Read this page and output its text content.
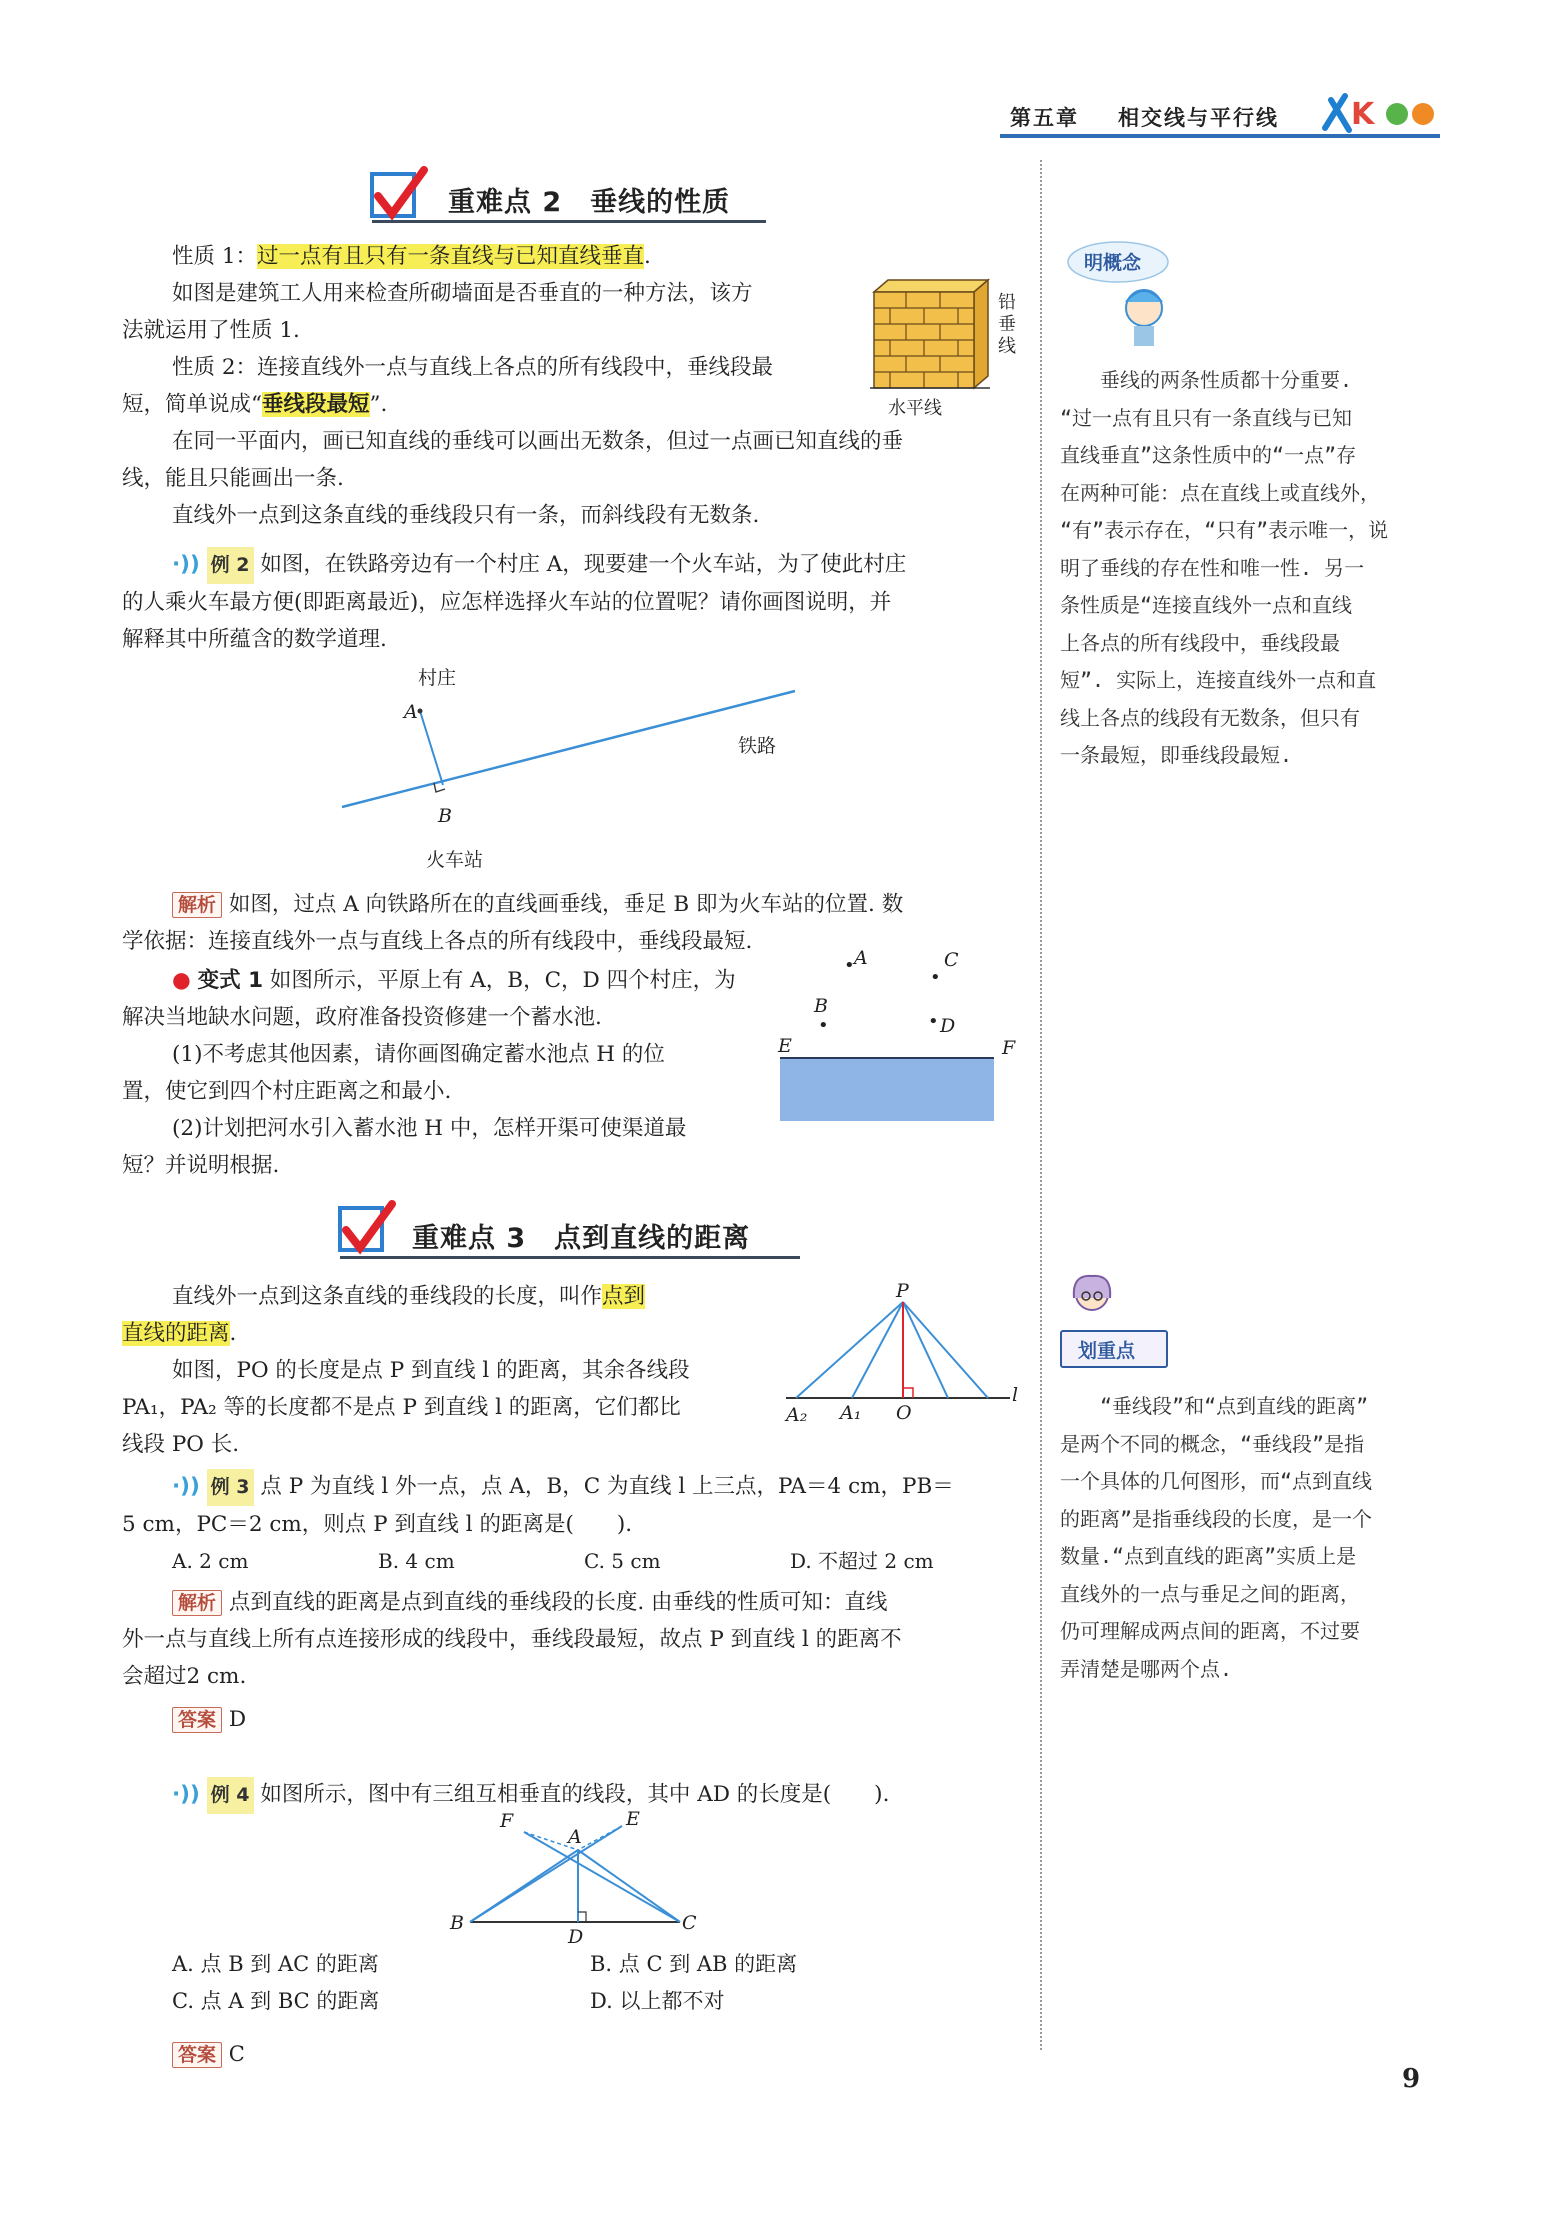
第五章 相交线与平行线 K
重难点 2　垂线的性质

性质 1：过一点有且只有一条直线与已知直线垂直.

如图是建筑工人用来检查所砌墙面是否垂直的一种方法，该方

法就运用了性质 1.

性质 2：连接直线外一点与直线上各点的所有线段中，垂线段最

短，简单说成“垂线段最短”.

在同一平面内，画已知直线的垂线可以画出无数条，但过一点画已知直线的垂

线，能且只能画出一条.

直线外一点到这条直线的垂线段只有一条，而斜线段有无数条.

铅垂线
水平线

·)) 例 2 如图，在铁路旁边有一个村庄 A，现要建一个火车站，为了使此村庄

的人乘火车最方便(即距离最近)，应怎样选择火车站的位置呢？请你画图说明，并

解释其中所蕴含的数学道理.

村庄
A
铁路
B
火车站

解析 如图，过点 A 向铁路所在的直线画垂线，垂足 B 即为火车站的位置. 数

学依据：连接直线外一点与直线上各点的所有线段中，垂线段最短.

● 变式 1 如图所示，平原上有 A，B，C，D 四个村庄，为

解决当地缺水问题，政府准备投资修建一个蓄水池.

(1)不考虑其他因素，请你画图确定蓄水池点 H 的位

置，使它到四个村庄距离之和最小.

(2)计划把河水引入蓄水池 H 中，怎样开渠可使渠道最

短？并说明根据.

• A
•
C
B
•	• D
E	F
重难点 3　点到直线的距离

直线外一点到这条直线的垂线段的长度，叫作点到

直线的距离.

如图，PO 的长度是点 P 到直线 l 的距离，其余各线段

PA₁，PA₂ 等的长度都不是点 P 到直线 l 的距离，它们都比

线段 PO 长.

P
A₂ A₁ O
l

·)) 例 3 点 P 为直线 l 外一点，点 A，B，C 为直线 l 上三点，PA＝4 cm，PB＝

5 cm，PC＝2 cm，则点 P 到直线 l 的距离是(　　).

A. 2 cm	B. 4 cm	C. 5 cm	D. 不超过 2 cm

解析 点到直线的距离是点到直线的垂线段的长度. 由垂线的性质可知：直线

外一点与直线上所有点连接形成的线段中，垂线段最短，故点 P 到直线 l 的距离不

会超过2 cm.

答案 D

·)) 例 4 如图所示，图中有三组互相垂直的线段，其中 AD 的长度是(　　).

F
A
E
B
D
C
A. 点 B 到 AC 的距离	B. 点 C 到 AB 的距离
C. 点 A 到 BC 的距离	D. 以上都不对
答案 C
明概念

　　垂线的两条性质都十分重要.

“过一点有且只有一条直线与已知

直线垂直”这条性质中的“一点”存

在两种可能：点在直线上或直线外，

“有”表示存在，“只有”表示唯一，说

明了垂线的存在性和唯一性. 另一

条性质是“连接直线外一点和直线

上各点的所有线段中，垂线段最

短”. 实际上，连接直线外一点和直

线上各点的线段有无数条，但只有

一条最短，即垂线段最短.

划重点

　　“垂线段”和“点到直线的距离”

是两个不同的概念，“垂线段”是指

一个具体的几何图形，而“点到直线

的距离”是指垂线段的长度，是一个

数量.“点到直线的距离”实质上是

直线外的一点与垂足之间的距离，

仍可理解成两点间的距离，不过要

弄清楚是哪两个点.

9
